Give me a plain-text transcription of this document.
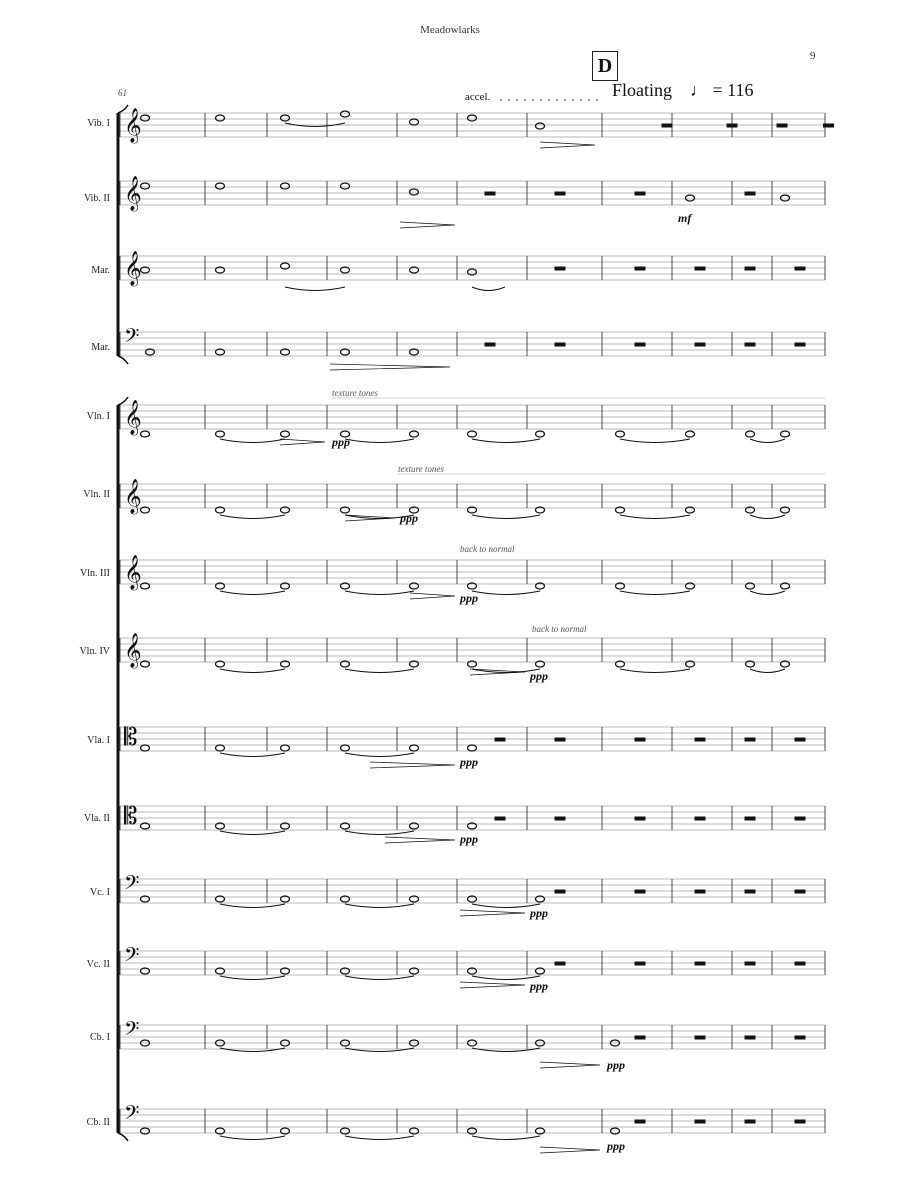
Meadowlarks
9
D
Floating ♩ = 116
accel.
61
Vib. I
Vib. II
Mar.
Mar.
Vln. I
Vln. II
Vln. III
Vln. IV
Vla. I
Vla. II
Vc. I
Vc. II
Cb. I
Cb. II
𝄞
𝄞
𝄞
𝄢
𝄞
𝄞
𝄞
𝄞
𝄡
𝄡
𝄢
𝄢
𝄢
𝄢
texture tones
texture tones
back to normal
back to normal
ppp
ppp
ppp
ppp
ppp
ppp
ppp
ppp
ppp
ppp
mf
